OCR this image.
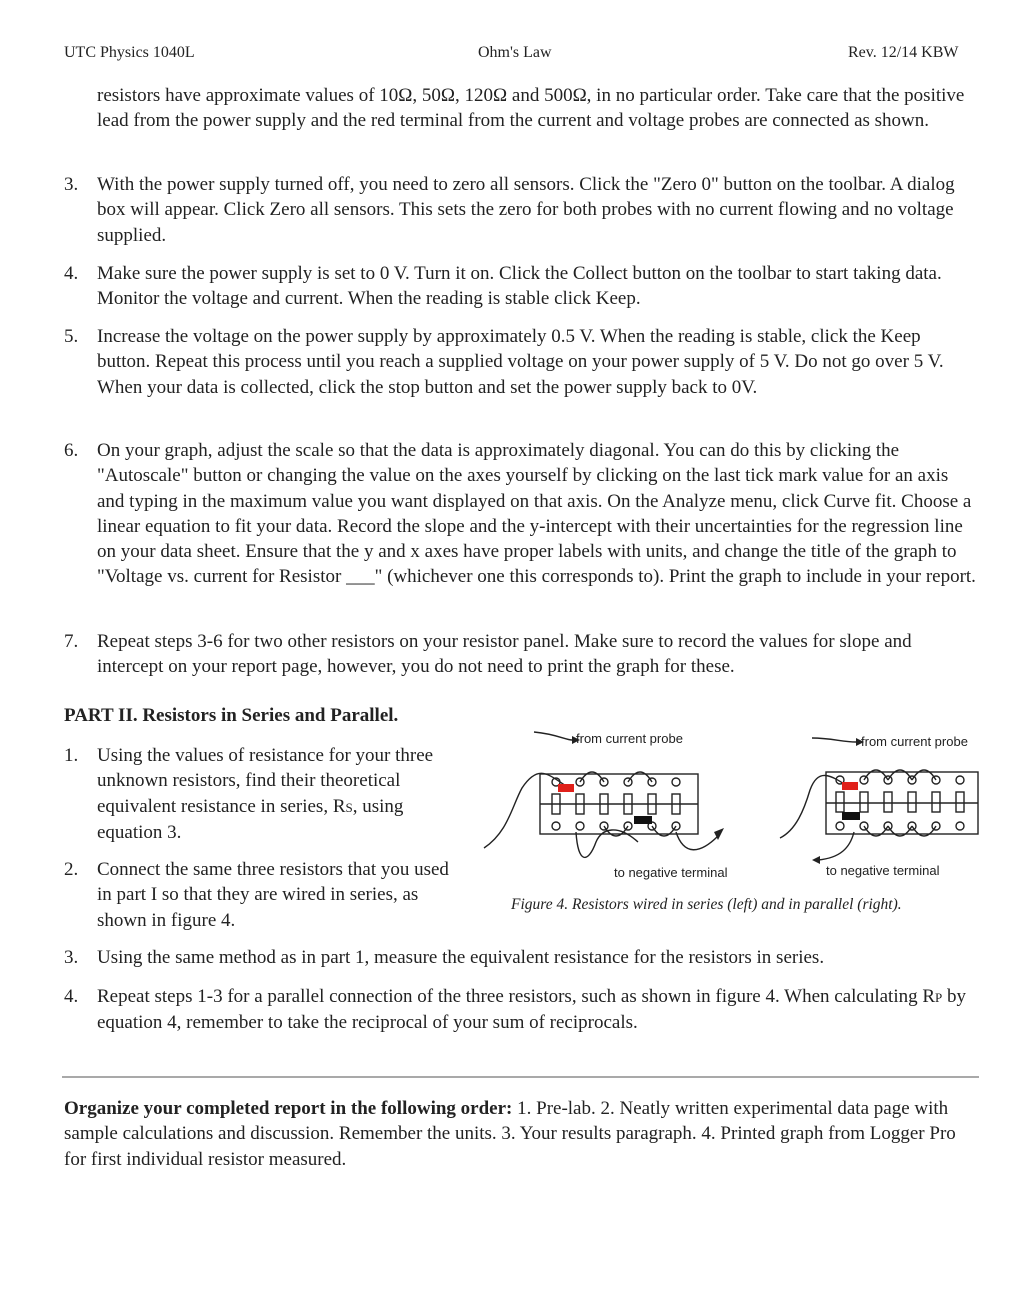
UTC Physics 1040L	Ohm's Law	Rev. 12/14 KBW
resistors have approximate values of 10Ω, 50Ω, 120Ω and 500Ω, in no particular order. Take care that the positive lead from the power supply and the red terminal from the current and voltage probes are connected as shown.
3. With the power supply turned off, you need to zero all sensors. Click the "Zero 0" button on the toolbar. A dialog box will appear. Click Zero all sensors. This sets the zero for both probes with no current flowing and no voltage supplied.
4. Make sure the power supply is set to 0 V. Turn it on. Click the Collect button on the toolbar to start taking data. Monitor the voltage and current. When the reading is stable click Keep.
5. Increase the voltage on the power supply by approximately 0.5 V. When the reading is stable, click the Keep button. Repeat this process until you reach a supplied voltage on your power supply of 5 V. Do not go over 5 V. When your data is collected, click the stop button and set the power supply back to 0V.
6. On your graph, adjust the scale so that the data is approximately diagonal. You can do this by clicking the "Autoscale" button or changing the value on the axes yourself by clicking on the last tick mark value for an axis and typing in the maximum value you want displayed on that axis. On the Analyze menu, click Curve fit. Choose a linear equation to fit your data. Record the slope and the y-intercept with their uncertainties for the regression line on your data sheet. Ensure that the y and x axes have proper labels with units, and change the title of the graph to "Voltage vs. current for Resistor ___" (whichever one this corresponds to). Print the graph to include in your report.
7. Repeat steps 3-6 for two other resistors on your resistor panel. Make sure to record the values for slope and intercept on your report page, however, you do not need to print the graph for these.
PART II. Resistors in Series and Parallel.
1. Using the values of resistance for your three unknown resistors, find their theoretical equivalent resistance in series, RS, using equation 3.
2. Connect the same three resistors that you used in part I so that they are wired in series, as shown in figure 4.
3. Using the same method as in part 1, measure the equivalent resistance for the resistors in series.
4. Repeat steps 1-3 for a parallel connection of the three resistors, such as shown in figure 4. When calculating RP by equation 4, remember to take the reciprocal of your sum of reciprocals.
from current probe
to negative terminal
from current probe
to negative terminal
Figure 4. Resistors wired in series (left) and in parallel (right).
Organize your completed report in the following order: 1. Pre-lab. 2. Neatly written experimental data page with sample calculations and discussion. Remember the units. 3. Your results paragraph. 4. Printed graph from Logger Pro for first individual resistor measured.
